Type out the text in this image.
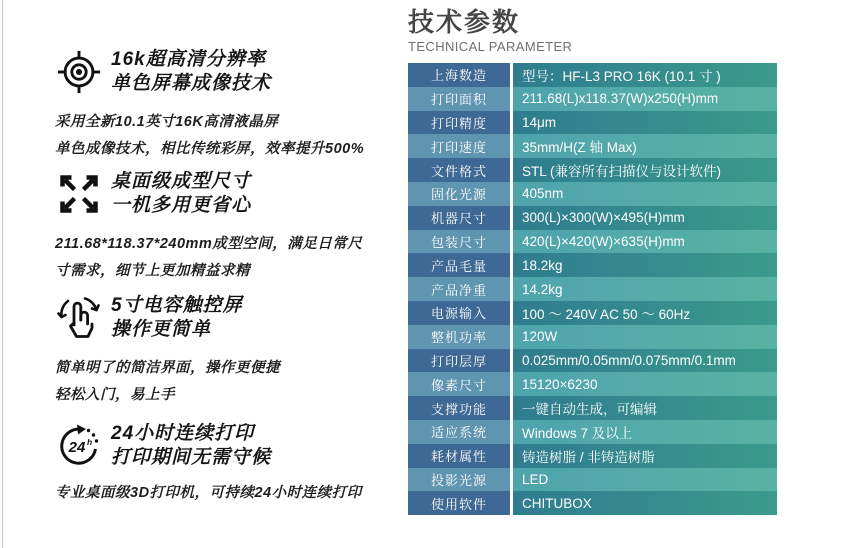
16k超高清分辨率
单色屏幕成像技术
采用全新10.1英寸16K高清液晶屏
单色成像技术，相比传统彩屏，效率提升500%
桌面级成型尺寸
一机多用更省心
211.68*118.37*240mm成型空间，满足日常尺
寸需求，细节上更加精益求精
5寸电容触控屏
操作更简单
简单明了的简洁界面，操作更便捷
轻松入门，易上手
24 h 24小时连续打印
打印期间无需守候
专业桌面级3D打印机，可持续24小时连续打印
技术参数
TECHNICAL PARAMETER
上海数造	型号：HF-L3 PRO 16K (10.1 寸 )
打印面积	211.68(L)x118.37(W)x250(H)mm
打印精度	14μm
打印速度	35mm/H(Z 轴 Max)
文件格式	STL (兼容所有扫描仪与设计软件)
固化光源	405nm
机器尺寸	300(L)×300(W)×495(H)mm
包装尺寸	420(L)×420(W)×635(H)mm
产品毛量	18.2kg
产品净重	14.2kg
电源输入	100 ～ 240V AC 50 ～ 60Hz
整机功率	120W
打印层厚	0.025mm/0.05mm/0.075mm/0.1mm
像素尺寸	15120×6230
支撑功能	一键自动生成，可编辑
适应系统	Windows 7 及以上
耗材属性	铸造树脂 / 非铸造树脂
投影光源	LED
使用软件	CHITUBOX
